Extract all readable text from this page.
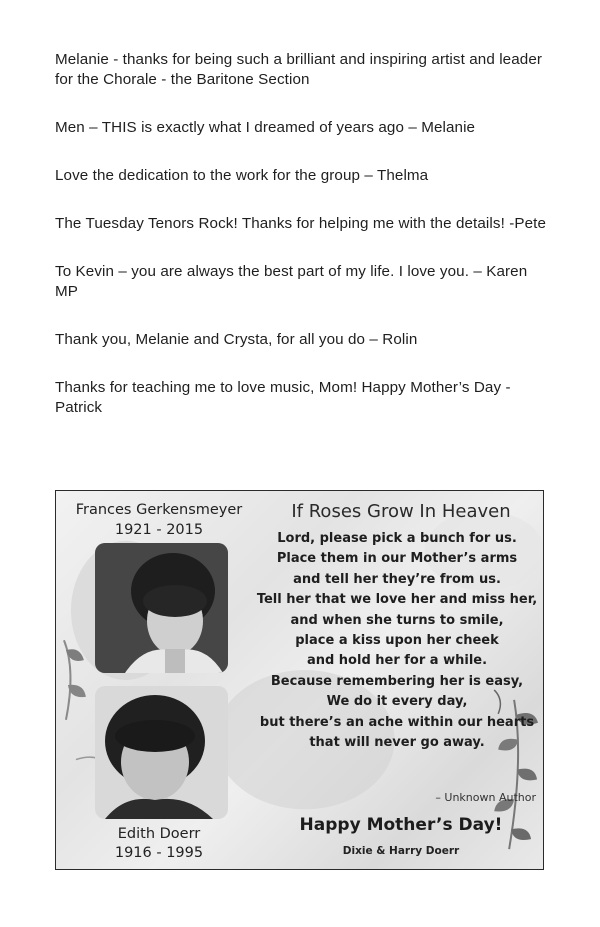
Melanie - thanks for being such a brilliant and inspiring artist and leader for the Chorale - the Baritone Section

Men – THIS is exactly what I dreamed of years ago – Melanie

Love the dedication to the work for the group – Thelma

The Tuesday Tenors Rock! Thanks for helping me with the details! -Pete

To Kevin – you are always the best part of my life. I love you. – Karen MP

Thank you, Melanie and Crysta, for all you do – Rolin

Thanks for teaching me to love music, Mom! Happy Mother’s Day - Patrick

Frances Gerkensmeyer
1921 - 2015
Edith Doerr
1916 - 1995
If Roses Grow In Heaven
Lord, please pick a bunch for us.
Place them in our Mother’s arms
and tell her they’re from us.
Tell her that we love her and miss her,
and when she turns to smile,
place a kiss upon her cheek
and hold her for a while.
Because remembering her is easy,
We do it every day,
but there’s an ache within our hearts
that will never go away.
– Unknown Author
Happy Mother’s Day!
Dixie & Harry Doerr
